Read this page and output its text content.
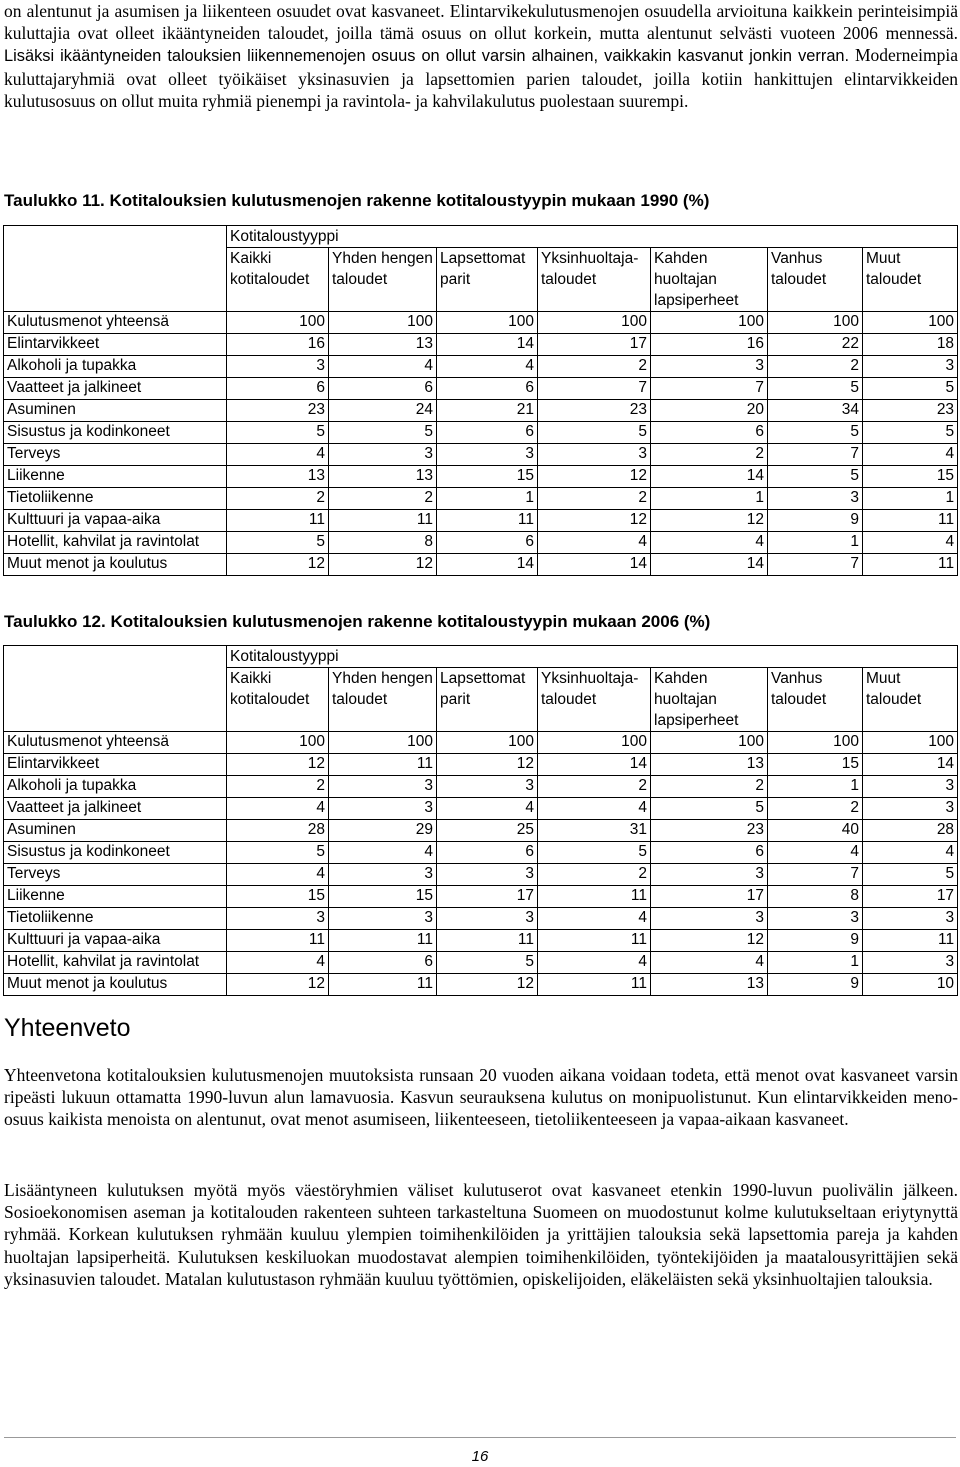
on alentunut ja asumisen ja liikenteen osuudet ovat kasvaneet. Elintarvikekulutusmenojen osuudella arvioituna kaikkein perinteisimpiä kuluttajia ovat olleet ikääntyneiden taloudet, joilla tämä osuus on ollut korkein, mutta alentunut selvästi vuoteen 2006 mennessä. Lisäksi ikääntyneiden talouksien liikennemenojen osuus on ollut varsin alhainen, vaikkakin kasvanut jonkin verran. Moderneimpia kuluttajaryhmiä ovat olleet työikäiset yksinasuvien ja lapsettomien parien taloudet, joilla kotiin hankittujen elintarvikkeiden kulutusosuus on ollut muita ryhmiä pienempi ja ravintola- ja kahvilakulutus puolestaan suurempi.

Taulukko 11. Kotitalouksien kulutusmenojen rakenne kotitaloustyypin mukaan 1990 (%)

	Kotitaloustyyppi						
	Kaikki kotitaloudet	Yhden hengen taloudet	Lapsettomat parit	Yksinhuoltaja-taloudet	Kahden huoltajan lapsiperheet	Vanhus taloudet	Muut taloudet
Kulutusmenot yhteensä	100	100	100	100	100	100	100
Elintarvikkeet	16	13	14	17	16	22	18
Alkoholi ja tupakka	3	4	4	2	3	2	3
Vaatteet ja jalkineet	6	6	6	7	7	5	5
Asuminen	23	24	21	23	20	34	23
Sisustus ja kodinkoneet	5	5	6	5	6	5	5
Terveys	4	3	3	3	2	7	4
Liikenne	13	13	15	12	14	5	15
Tietoliikenne	2	2	1	2	1	3	1
Kulttuuri ja vapaa-aika	11	11	11	12	12	9	11
Hotellit, kahvilat ja ravintolat	5	8	6	4	4	1	4
Muut menot ja koulutus	12	12	14	14	14	7	11

Taulukko 12. Kotitalouksien kulutusmenojen rakenne kotitaloustyypin mukaan 2006 (%)

	Kotitaloustyyppi						
	Kaikki kotitaloudet	Yhden hengen taloudet	Lapsettomat parit	Yksinhuoltaja-taloudet	Kahden huoltajan lapsiperheet	Vanhus taloudet	Muut taloudet
Kulutusmenot yhteensä	100	100	100	100	100	100	100
Elintarvikkeet	12	11	12	14	13	15	14
Alkoholi ja tupakka	2	3	3	2	2	1	3
Vaatteet ja jalkineet	4	3	4	4	5	2	3
Asuminen	28	29	25	31	23	40	28
Sisustus ja kodinkoneet	5	4	6	5	6	4	4
Terveys	4	3	3	2	3	7	5
Liikenne	15	15	17	11	17	8	17
Tietoliikenne	3	3	3	4	3	3	3
Kulttuuri ja vapaa-aika	11	11	11	11	12	9	11
Hotellit, kahvilat ja ravintolat	4	6	5	4	4	1	3
Muut menot ja koulutus	12	11	12	11	13	9	10
Yhteenveto

Yhteenvetona kotitalouksien kulutusmenojen muutoksista runsaan 20 vuoden aikana voidaan todeta, että menot ovat kasvaneet varsin ripeästi lukuun ottamatta 1990-luvun alun lamavuosia. Kasvun seurauksena kulutus on monipuolistunut. Kun elintarvikkeiden meno-osuus kaikista menoista on alentunut, ovat menot asumiseen, liikenteeseen, tietoliikenteeseen ja vapaa-aikaan kasvaneet.

Lisääntyneen kulutuksen myötä myös väestöryhmien väliset kulutuserot ovat kasvaneet etenkin 1990-luvun puolivälin jälkeen. Sosioekonomisen aseman ja kotitalouden rakenteen suhteen tarkasteltuna Suomeen on muodostunut kolme kulutukseltaan eriytynyttä ryhmää. Korkean kulutuksen ryhmään kuuluu ylempien toimihenkilöiden ja yrittäjien talouksia sekä lapsettomia pareja ja kahden huoltajan lapsiperheitä. Kulutuksen keskiluokan muodostavat alempien toimihenkilöiden, työntekijöiden ja maatalousyrittäjien sekä yksinasuvien taloudet. Matalan kulutustason ryhmään kuuluu työttömien, opiskelijoiden, eläkeläisten sekä yksinhuoltajien talouksia.

16
